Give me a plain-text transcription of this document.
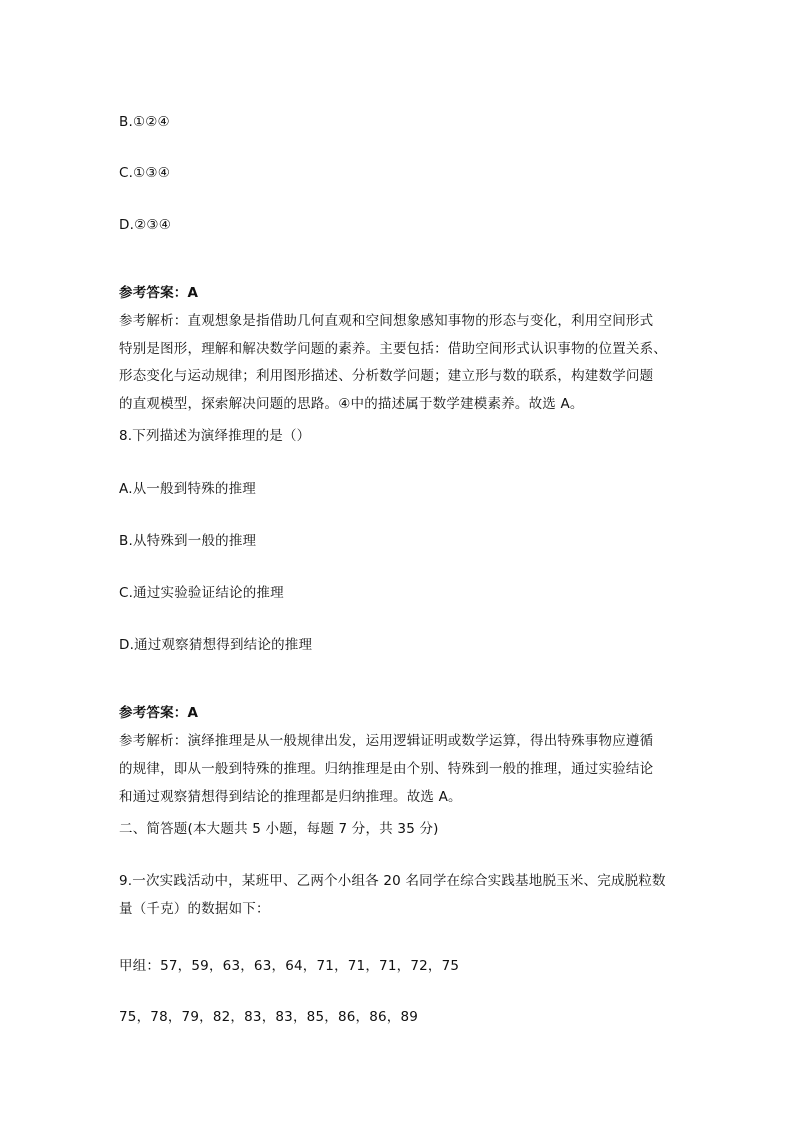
B.①②④
C.①③④
D.②③④
参考答案：A
参考解析：直观想象是指借助几何直观和空间想象感知事物的形态与变化，利用空间形式
特别是图形，理解和解决数学问题的素养。主要包括：借助空间形式认识事物的位置关系、
形态变化与运动规律；利用图形描述、分析数学问题；建立形与数的联系，构建数学问题
的直观模型，探索解决问题的思路。④中的描述属于数学建模素养。故选 A。
8.下列描述为演绎推理的是（）
A.从一般到特殊的推理
B.从特殊到一般的推理
C.通过实验验证结论的推理
D.通过观察猜想得到结论的推理
参考答案：A
参考解析：演绎推理是从一般规律出发，运用逻辑证明或数学运算，得出特殊事物应遵循
的规律，即从一般到特殊的推理。归纳推理是由个别、特殊到一般的推理，通过实验结论
和通过观察猜想得到结论的推理都是归纳推理。故选 A。
二、简答题(本大题共 5 小题，每题 7 分，共 35 分)
9.一次实践活动中，某班甲、乙两个小组各 20 名同学在综合实践基地脱玉米、完成脱粒数
量（千克）的数据如下：
甲组：57，59，63，63，64，71，71，71，72，75
75，78，79，82，83，83，85，86，86，89
